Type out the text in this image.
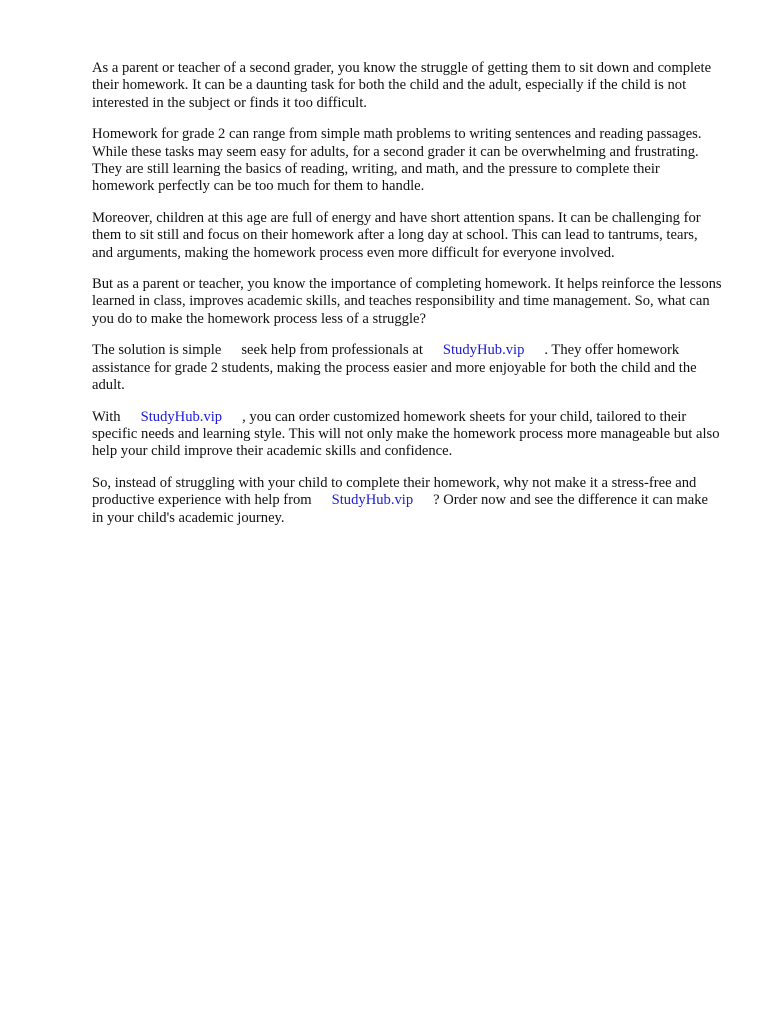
As a parent or teacher of a second grader, you know the struggle of getting them to sit down and complete their homework. It can be a daunting task for both the child and the adult, especially if the child is not interested in the subject or finds it too difficult.

Homework for grade 2 can range from simple math problems to writing sentences and reading passages. While these tasks may seem easy for adults, for a second grader it can be overwhelming and frustrating. They are still learning the basics of reading, writing, and math, and the pressure to complete their homework perfectly can be too much for them to handle.

Moreover, children at this age are full of energy and have short attention spans. It can be challenging for them to sit still and focus on their homework after a long day at school. This can lead to tantrums, tears, and arguments, making the homework process even more difficult for everyone involved.

But as a parent or teacher, you know the importance of completing homework. It helps reinforce the lessons learned in class, improves academic skills, and teaches responsibility and time management. So, what can you do to make the homework process less of a struggle?

The solution is simple seek help from professionals at StudyHub.vip . They offer homework assistance for grade 2 students, making the process easier and more enjoyable for both the child and the adult.

With StudyHub.vip , you can order customized homework sheets for your child, tailored to their specific needs and learning style. This will not only make the homework process more manageable but also help your child improve their academic skills and confidence.

So, instead of struggling with your child to complete their homework, why not make it a stress-free and productive experience with help from StudyHub.vip ? Order now and see the difference it can make in your child's academic journey.
